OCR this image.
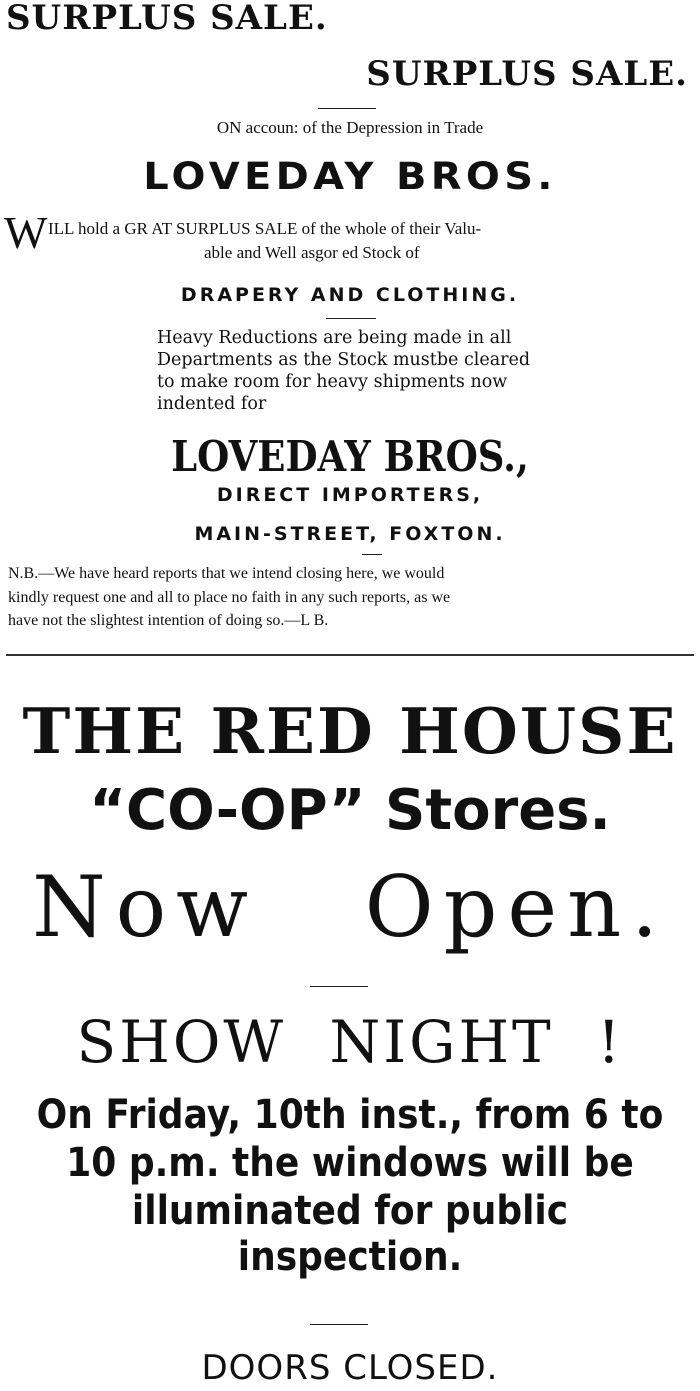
SURPLUS SALE.

SURPLUS SALE.

ON accoun: of the Depression in Trade

LOVEDAY BROS.

W ILL hold a GR AT SURPLUS SALE of the whole of their Valu-

able and Well asgor ed Stock of

DRAPERY AND CLOTHING.

Heavy Reductions are being made in all

Departments as the Stock mustbe cleared

to make room for heavy shipments now

indented for

LOVEDAY BROS.,

DIRECT IMPORTERS,

MAIN-STREET, FOXTON.

N.B.—We have heard reports that we intend closing here, we would

kindly request one and all to place no faith in any such reports, as we

have not the slightest intention of doing so.—L B.

THE RED HOUSE

“CO-OP” Stores.

Now Open.

SHOW NIGHT !

On Friday, 10th inst., from 6 to

10 p.m. the windows will be

illuminated for public

inspection.

DOORS CLOSED.
